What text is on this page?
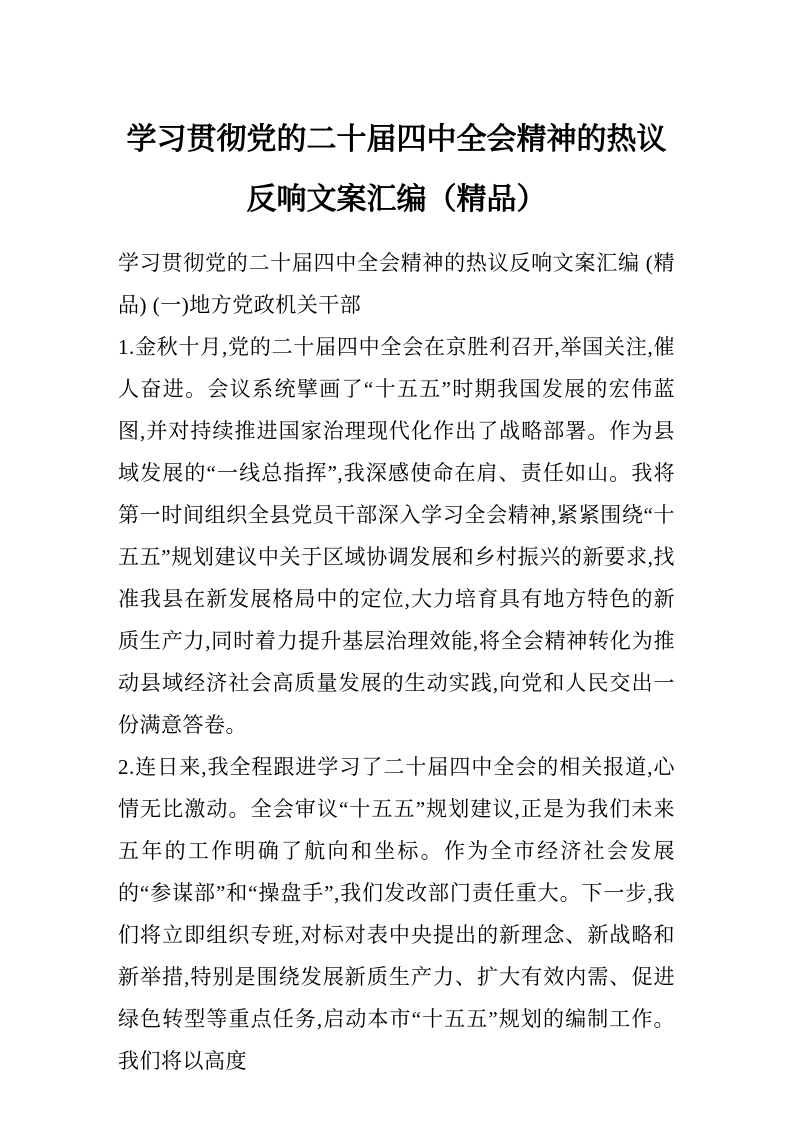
学习贯彻党的二十届四中全会精神的热议
反响文案汇编（精品）

学习贯彻党的二十届四中全会精神的热议反响文案汇编 (精品) (一)地方党政机关干部

1.金秋十月,党的二十届四中全会在京胜利召开,举国关注,催人奋进。会议系统擘画了“十五五”时期我国发展的宏伟蓝图,并对持续推进国家治理现代化作出了战略部署。作为县域发展的“一线总指挥”,我深感使命在肩、责任如山。我将第一时间组织全县党员干部深入学习全会精神,紧紧围绕“十五五”规划建议中关于区域协调发展和乡村振兴的新要求,找准我县在新发展格局中的定位,大力培育具有地方特色的新质生产力,同时着力提升基层治理效能,将全会精神转化为推动县域经济社会高质量发展的生动实践,向党和人民交出一份满意答卷。

2.连日来,我全程跟进学习了二十届四中全会的相关报道,心情无比激动。全会审议“十五五”规划建议,正是为我们未来五年的工作明确了航向和坐标。作为全市经济社会发展的“参谋部”和“操盘手”,我们发改部门责任重大。下一步,我们将立即组织专班,对标对表中央提出的新理念、新战略和新举措,特别是围绕发展新质生产力、扩大有效内需、促进绿色转型等重点任务,启动本市“十五五”规划的编制工作。我们将以高度
